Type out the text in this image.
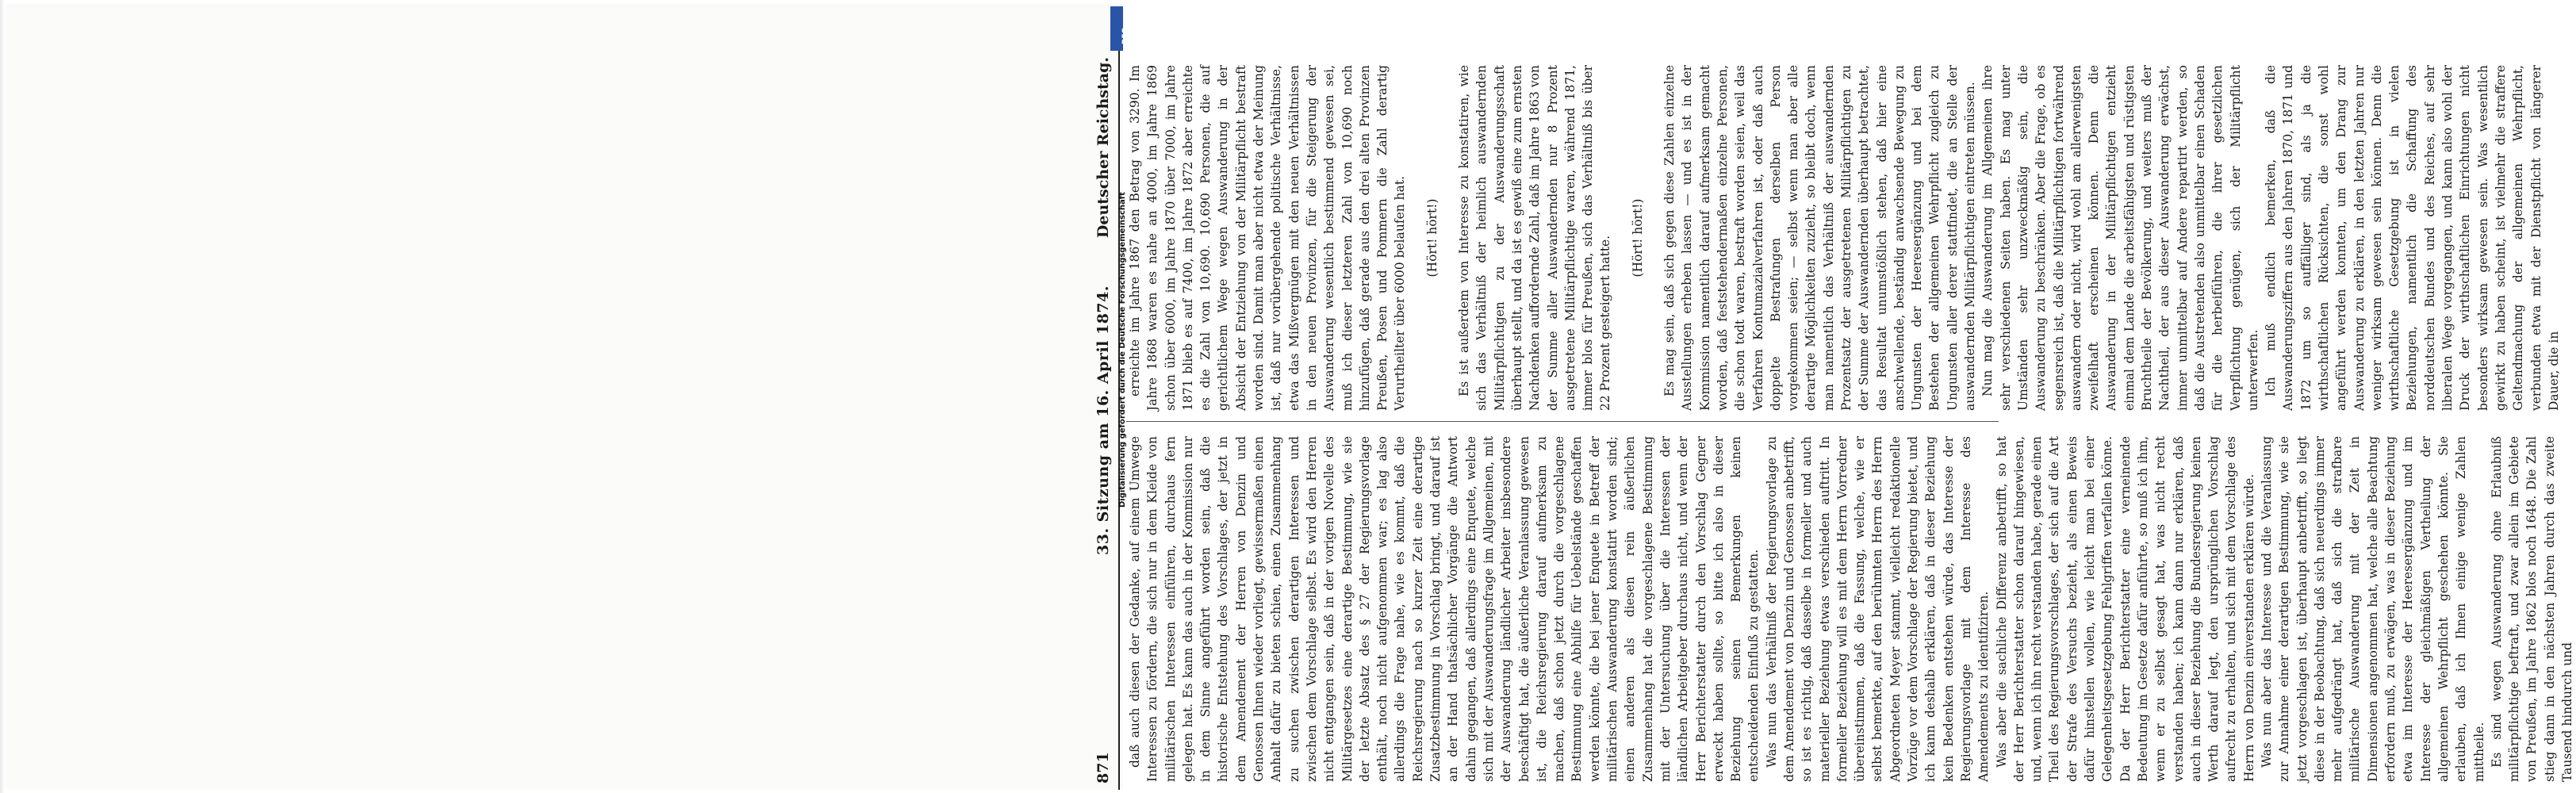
Deutscher Reichstag.
33. Sitzung am 16. April 1874.
871

daß auch diesen der Gedanke, auf einem Umwege Interessen zu fördern, die sich nur in dem Kleide von militärischen Interessen einführen, durchaus fern gelegen hat. Es kann das auch in der Kommission nur in dem Sinne angeführt worden sein, daß die historische Entstehung des Vorschlages, der jetzt in dem Amendement der Herren von Denzin und Genossen Ihnen wieder vorliegt, gewissermaßen einen Anhalt dafür zu bieten schien, einen Zusammenhang zu suchen zwischen derartigen Interessen und zwischen dem Vorschlage selbst. Es wird den Herren nicht entgangen sein, daß in der vorigen Novelle des Militärgesetzes eine derartige Bestimmung, wie sie der letzte Absatz des § 27 der Regierungsvorlage enthält, noch nicht aufgenommen war; es lag also allerdings die Frage nahe, wie es kommt, daß die Reichsregierung nach so kurzer Zeit eine derartige Zusatzbestimmung in Vorschlag bringt, und darauf ist an der Hand thatsächlicher Vorgänge die Antwort dahin gegangen, daß allerdings eine Enquete, welche sich mit der Auswanderungsfrage im Allgemeinen, mit der Auswanderung ländlicher Arbeiter insbesondere beschäftigt hat, die äußerliche Veranlassung gewesen ist, die Reichsregierung darauf aufmerksam zu machen, daß schon jetzt durch die vorgeschlagene Bestimmung eine Abhilfe für Uebelstände geschaffen werden könnte, die bei jener Enquete in Betreff der militärischen Auswanderung konstatirt worden sind; einen anderen als diesen rein äußerlichen Zusammenhang hat die vorgeschlagene Bestimmung mit der Untersuchung über die Interessen der ländlichen Arbeitgeber durchaus nicht, und wenn der Herr Berichterstatter durch den Vorschlag Gegner erweckt haben sollte, so bitte ich also in dieser Beziehung seinen Bemerkungen keinen entscheidenden Einfluß zu gestatten. Was nun das Verhältniß der Regierungsvorlage zu dem Amendement von Denzin und Genossen anbetrifft, so ist es richtig, daß dasselbe in formeller und auch materieller Beziehung etwas verschieden auftritt. In formeller Beziehung will es mit dem Herrn Vorredner übereinstimmen, daß die Fassung, welche, wie er selbst bemerkte, auf den berühmten Herrn des Herrn Abgeordneten Meyer stammt, vielleicht redaktionelle Vorzüge vor dem Vorschlage der Regierung bietet, und ich kann deshalb erklären, daß in dieser Beziehung kein Bedenken entstehen würde, das Interesse der Regierungsvorlage mit dem Interesse des Amendements zu identifiziren. Was aber die sachliche Differenz anbetrifft, so hat der Herr Berichterstatter schon darauf hingewiesen, und, wenn ich ihn recht verstanden habe, gerade einen Theil des Regierungsvorschlages, der sich auf die Art der Strafe des Versuchs bezieht, als einen Beweis dafür hinstellen wollen, wie leicht man bei einer Gelegenheitsgesetzgebung Fehlgriffen verfallen könne. Da der Herr Berichterstatter eine verneinende Bedeutung im Gesetze dafür anführte, so muß ich ihm, wenn er zu selbst gesagt hat, was nicht recht verstanden haben; ich kann dann nur erklären, daß auch in dieser Beziehung die Bundesregierung keinen Werth darauf legt, den ursprünglichen Vorschlag aufrecht zu erhalten, und sich mit dem Vorschlage des Herrn von Denzin einverstanden erklären würde. Was nun aber das Interesse und die Veranlassung zur Annahme einer derartigen Bestimmung, wie sie jetzt vorgeschlagen ist, überhaupt anbetrifft, so liegt diese in der Beobachtung, daß sich neuerdings immer mehr aufgedrängt hat, daß sich die strafbare militärische Auswanderung mit der Zeit in Dimensionen angenommen hat, welche alle Beachtung erfordern muß, zu erwägen, was in dieser Beziehung etwa im Interesse der Heeresergänzung und im Interesse der gleichmäßigen Vertheilung der allgemeinen Wehrpflicht geschehen könnte. Sie erlauben, daß ich Ihnen einige wenige Zahlen mittheile. Es sind wegen Auswanderung ohne Erlaubniß militärpflichtige beftraft, und zwar allein im Gebiete von Preußen, im Jahre 1862 blos noch 1648. Die Zahl stieg dann in den nächsten Jahren durch das zweite Tausend hindurch und

erreichte im Jahre 1867 den Betrag von 3290. Im Jahre 1868 waren es nahe an 4000, im Jahre 1869 schon über 6000, im Jahre 1870 über 7000, im Jahre 1871 blieb es auf 7400, im Jahre 1872 aber erreichte es die Zahl von 10,690. 10,690 Personen, die auf gerichtlichem Wege wegen Auswanderung in der Absicht der Entziehung von der Militärpflicht bestraft worden sind. Damit man aber nicht etwa der Meinung ist, daß nur vorübergehende politische Verhältnisse, etwa das Mißvergnügen mit den neuen Verhältnissen in den neuen Provinzen, für die Steigerung der Auswanderung wesentlich bestimmend gewesen sei, muß ich dieser letzteren Zahl von 10,690 noch hinzufügen, daß gerade aus den drei alten Provinzen Preußen, Posen und Pommern die Zahl derartig Verurtheilter über 6000 belaufen hat. (Hört! hört!) Es ist außerdem von Interesse zu konstatiren, wie sich das Verhältniß der heimlich auswandernden Militärpflichtigen zu der Auswanderungsschaft überhaupt stellt, und da ist es gewiß eine zum ernsten Nachdenken auffordernde Zahl, daß im Jahre 1863 von der Summe aller Auswandernden nur 8 Prozent ausgetretene Militärpflichtige waren, während 1871, immer blos für Preußen, sich das Verhältniß bis über 22 Prozent gesteigert hatte. (Hört! hört!) Es mag sein, daß sich gegen diese Zahlen einzelne Ausstellungen erheben lassen — und es ist in der Kommission namentlich darauf aufmerksam gemacht worden, daß feststehendermaßen einzelne Personen, die schon todt waren, bestraft worden seien, weil das Verfahren Kontumazialverfahren ist, oder daß auch doppelte Bestrafungen derselben Person vorgekommen seien; — selbst wenn man aber alle derartige Möglichkeiten zuzieht, so bleibt doch, wenn man namentlich das Verhältniß der auswandernden Prozentsatz der ausgetretenen Militärpflichtigen zu der Summe der Auswandernden überhaupt betrachtet, das Resultat unumstößlich stehen, daß hier eine anschwellende, beständig anwachsende Bewegung zu Ungunsten der Heeresergänzung und bei dem Bestehen der allgemeinen Wehrpflicht zugleich zu Ungunsten aller derer stattfindet, die an Stelle der auswandernden Militärpflichtigen eintreten müssen. Nun mag die Auswanderung im Allgemeinen ihre sehr verschiedenen Seiten haben. Es mag unter Umständen sehr unzweckmäßig sein, die Auswanderung zu beschränken. Aber die Frage, ob es segensreich ist, daß die Militärpflichtigen fortwährend auswandern oder nicht, wird wohl am allerwenigsten zweifelhaft erscheinen können. Denn die Auswanderung in der Militärpflichtigen entzieht einmal dem Lande die arbeitsfähigsten und rüstigsten Bruchtheile der Bevölkerung, und weiters muß der Nachtheil, der aus dieser Auswanderung erwächst, immer unmittelbar auf Andere repartirt werden, so daß die Austretenden also unmittelbar einen Schaden für die herbeiführen, die ihrer gesetzlichen Verpflichtung genügen, sich der Militärpflicht unterwerfen. Ich muß endlich bemerken, daß die Auswanderungsziffern aus den Jahren 1870, 1871 und 1872 um so auffälliger sind, als ja die wirthschaftlichen Rücksichten, die sonst wohl angeführt werden konnten, um den Drang zur Auswanderung zu erklären, in den letzten Jahren nur weniger wirksam gewesen sein können. Denn die wirthschaftliche Gesetzgebung ist in vielen Beziehungen, namentlich die Schaffung des norddeutschen Bundes und des Reiches, auf sehr liberalen Wege vorgegangen, und kann also wohl der Druck der wirthschaftlichen Einrichtungen nicht besonders wirksam gewesen sein. Was wesentlich gewirkt zu haben scheint, ist vielmehr die straffere Geltendmachung der allgemeinen Wehrpflicht, verbunden etwa mit der Dienstpflicht von längerer Dauer, die in

Digitalisierung gefördert durch die Deutsche Forschungsgemeinschaft
DFG
